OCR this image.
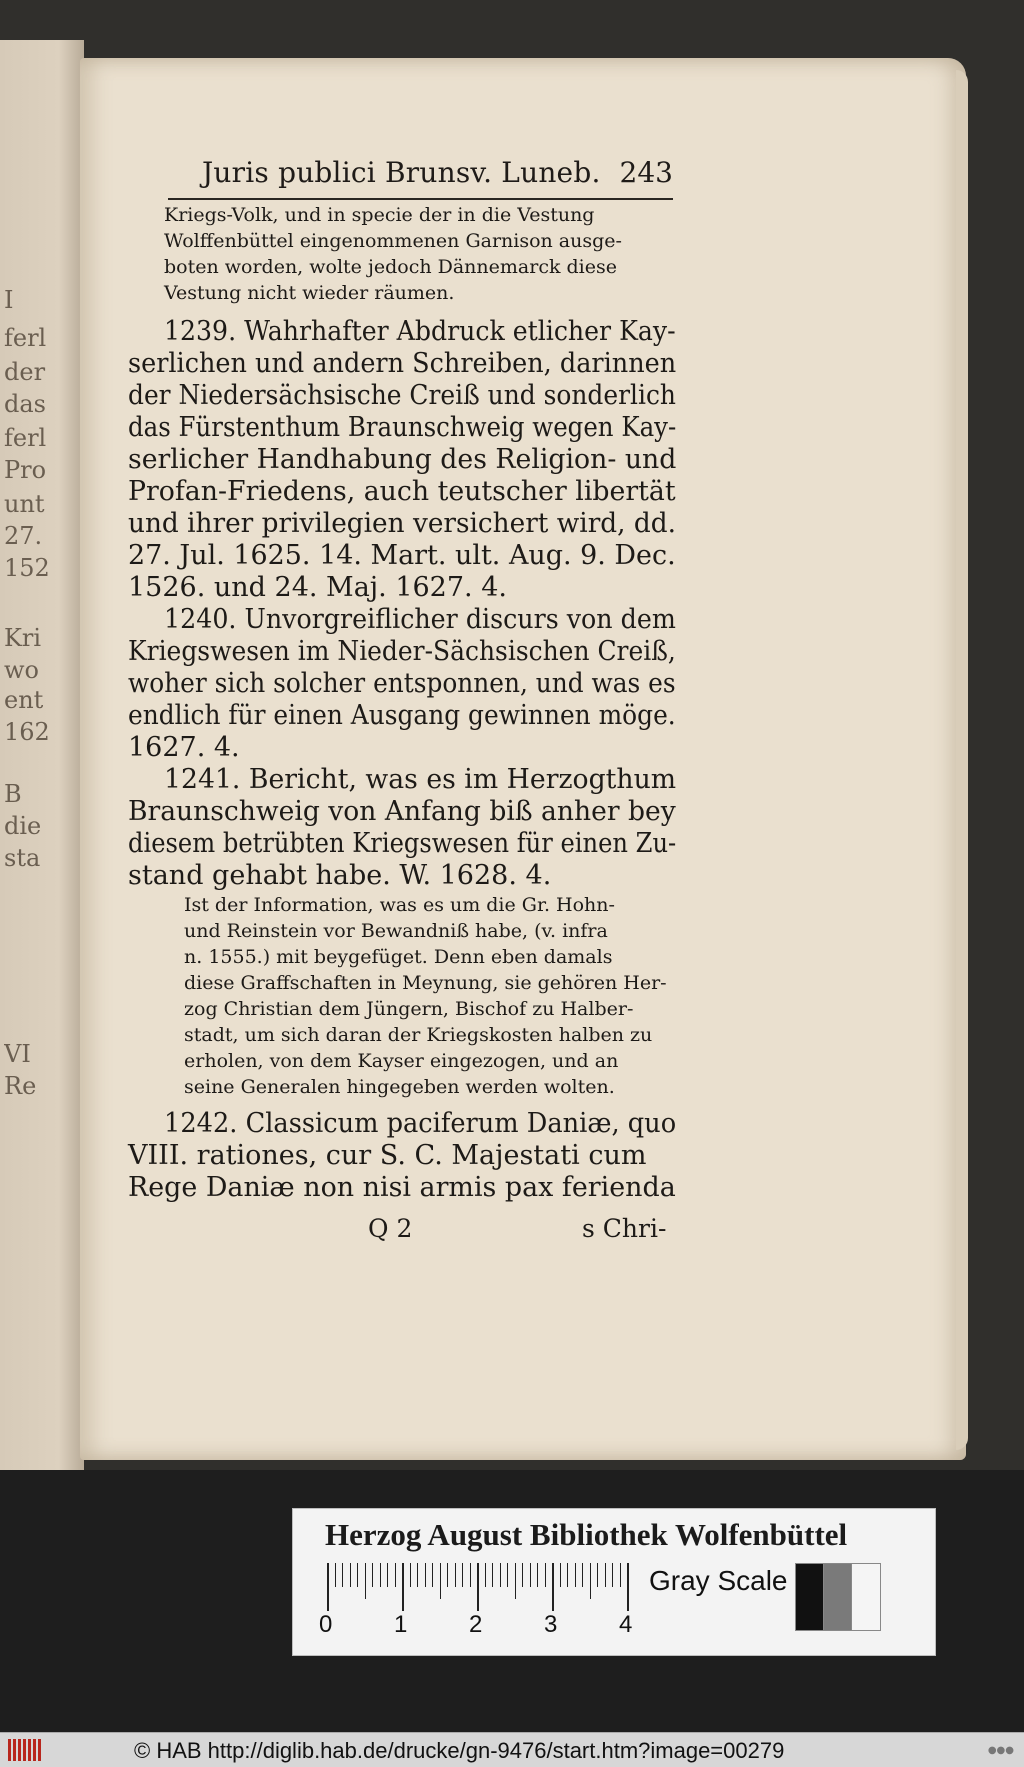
I
ferl
der
das
ferl
Pro
unt
27.
152
Kri
wo
ent
162
B
die
sta
VI
Re
Juris publici Brunsv. Luneb. 243
Kriegs-Volk, und in specie der in die Vestung
Wolffenbüttel eingenommenen Garnison ausge-
boten worden, wolte jedoch Dännemarck diese
Vestung nicht wieder räumen.
1239. Wahrhafter Abdruck etlicher Kay-
serlichen und andern Schreiben, darinnen
der Niedersächsische Creiß und sonderlich
das Fürstenthum Braunschweig wegen Kay-
serlicher Handhabung des Religion- und
Profan-Friedens, auch teutscher libertät
und ihrer privilegien versichert wird, dd.
27. Jul. 1625. 14. Mart. ult. Aug. 9. Dec.
1526. und 24. Maj. 1627. 4.
1240. Unvorgreiflicher discurs von dem
Kriegswesen im Nieder-Sächsischen Creiß,
woher sich solcher entsponnen, und was es
endlich für einen Ausgang gewinnen möge.
1627. 4.
1241. Bericht, was es im Herzogthum
Braunschweig von Anfang biß anher bey
diesem betrübten Kriegswesen für einen Zu-
stand gehabt habe. W. 1628. 4.
Ist der Information, was es um die Gr. Hohn-
und Reinstein vor Bewandniß habe, (v. infra
n. 1555.) mit beygefüget. Denn eben damals
diese Graffschaften in Meynung, sie gehören Her-
zog Christian dem Jüngern, Bischof zu Halber-
stadt, um sich daran der Kriegskosten halben zu
erholen, von dem Kayser eingezogen, und an
seine Generalen hingegeben werden wolten.
1242. Classicum paciferum Daniæ, quo
VIII. rationes, cur S. C. Majestati cum
Rege Daniæ non nisi armis pax ferienda
Q 2	s Chri-
Herzog August Bibliothek Wolfenbüttel
Gray Scale
0	1	2	3	4
© HAB http://diglib.hab.de/drucke/gn-9476/start.htm?image=00279	●●●
